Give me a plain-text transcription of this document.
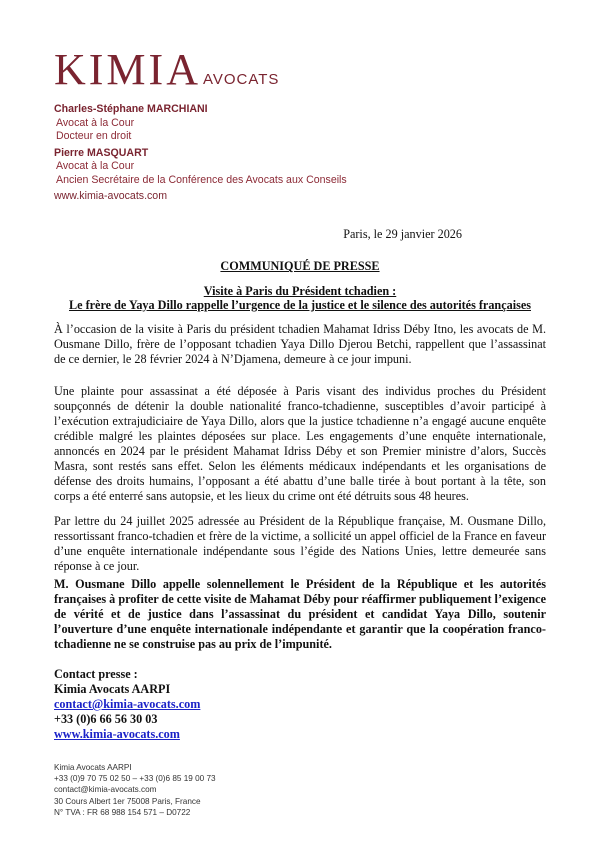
KIMIA AVOCATS
Charles-Stéphane MARCHIANI
Avocat à la Cour
Docteur en droit
Pierre MASQUART
Avocat à la Cour
Ancien Secrétaire de la Conférence des Avocats aux Conseils
www.kimia-avocats.com
Paris, le 29 janvier 2026
COMMUNIQUÉ DE PRESSE
Visite à Paris du Président tchadien :
Le frère de Yaya Dillo rappelle l’urgence de la justice et le silence des autorités françaises
À l’occasion de la visite à Paris du président tchadien Mahamat Idriss Déby Itno, les avocats de M. Ousmane Dillo, frère de l’opposant tchadien Yaya Dillo Djerou Betchi, rappellent que l’assassinat de ce dernier, le 28 février 2024 à N’Djamena, demeure à ce jour impuni.
Une plainte pour assassinat a été déposée à Paris visant des individus proches du Président soupçonnés de détenir la double nationalité franco-tchadienne, susceptibles d’avoir participé à l’exécution extrajudiciaire de Yaya Dillo, alors que la justice tchadienne n’a engagé aucune enquête crédible malgré les plaintes déposées sur place. Les engagements d’une enquête internationale, annoncés en 2024 par le président Mahamat Idriss Déby et son Premier ministre d’alors, Succès Masra, sont restés sans effet. Selon les éléments médicaux indépendants et les organisations de défense des droits humains, l’opposant a été abattu d’une balle tirée à bout portant à la tête, son corps a été enterré sans autopsie, et les lieux du crime ont été détruits sous 48 heures.
Par lettre du 24 juillet 2025 adressée au Président de la République française, M. Ousmane Dillo, ressortissant franco-tchadien et frère de la victime, a sollicité un appel officiel de la France en faveur d’une enquête internationale indépendante sous l’égide des Nations Unies, lettre demeurée sans réponse à ce jour.
M. Ousmane Dillo appelle solennellement le Président de la République et les autorités françaises à profiter de cette visite de Mahamat Déby pour réaffirmer publiquement l’exigence de vérité et de justice dans l’assassinat du président et candidat Yaya Dillo, soutenir l’ouverture d’une enquête internationale indépendante et garantir que la coopération franco-tchadienne ne se construise pas au prix de l’impunité.
Contact presse :
Kimia Avocats AARPI
contact@kimia-avocats.com
+33 (0)6 66 56 30 03
www.kimia-avocats.com
Kimia Avocats AARPI
+33 (0)9 70 75 02 50 – +33 (0)6 85 19 00 73
contact@kimia-avocats.com
30 Cours Albert 1er 75008 Paris, France
N° TVA : FR 68 988 154 571 – D0722
